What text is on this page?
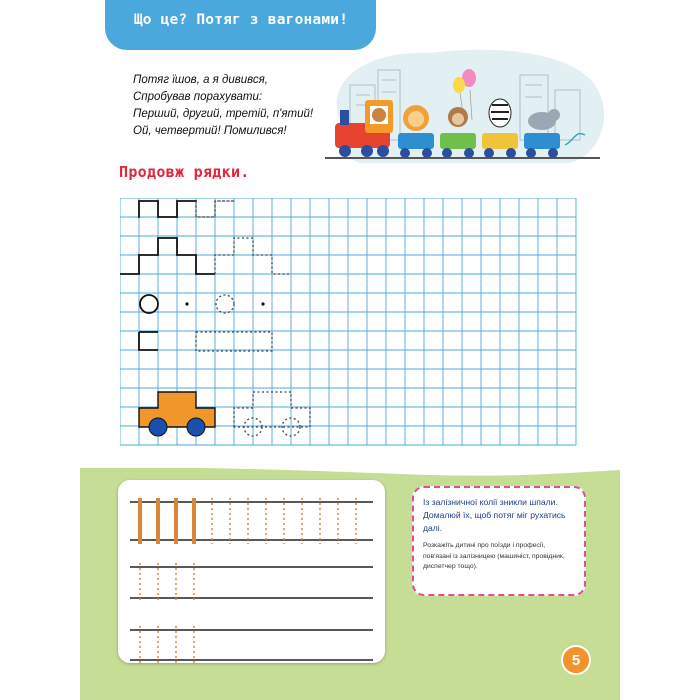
Що це? Потяг з вагонами!
Потяг їшов, а я дивився,
Спробував порахувати:
Перший, другий, третій, п'ятий!
Ой, четвертий! Помилився!
Продовж рядки.
Із залізничної колії зникли шпали. Домалюй їх, щоб потяг міг рухатись далі.
Розкажіть дитині про поїзди і професії, пов'язані із залізницею (машиніст, провідник, диспетчер тощо).
5
